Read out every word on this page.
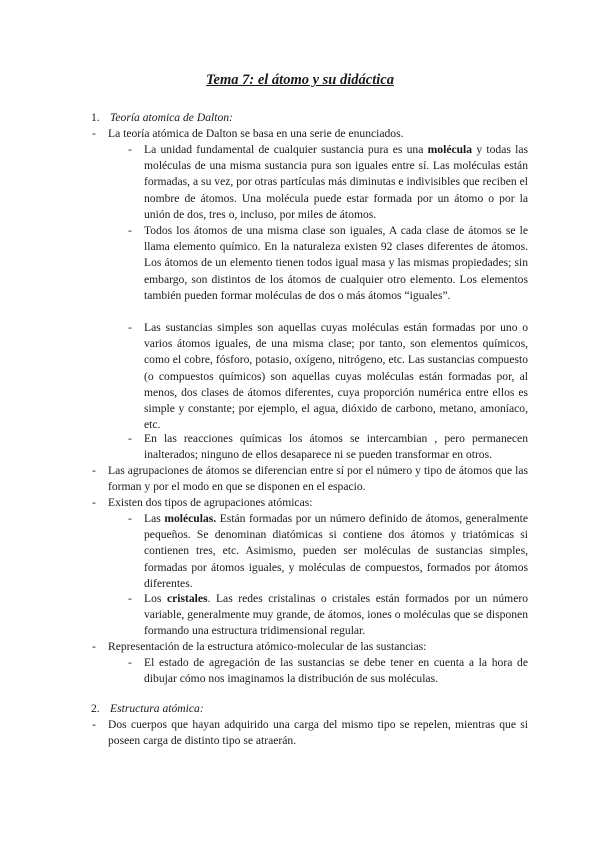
Tema 7: el átomo y su didáctica

1. Teoría atomica de Dalton:

- La teoría atómica de Dalton se basa en una serie de enunciados.

- La unidad fundamental de cualquier sustancia pura es una molécula y todas las moléculas de una misma sustancia pura son iguales entre sí. Las moléculas están formadas, a su vez, por otras partículas más diminutas e indivisibles que reciben el nombre de átomos. Una molécula puede estar formada por un átomo o por la unión de dos, tres o, incluso, por miles de átomos.

- Todos los átomos de una misma clase son iguales, A cada clase de átomos se le llama elemento químico. En la naturaleza existen 92 clases diferentes de átomos. Los átomos de un elemento tienen todos igual masa y las mismas propiedades; sin embargo, son distintos de los átomos de cualquier otro elemento. Los elementos también pueden formar moléculas de dos o más átomos “iguales”.

- Las sustancias simples son aquellas cuyas moléculas están formadas por uno o varios átomos iguales, de una misma clase; por tanto, son elementos químicos, como el cobre, fósforo, potasio, oxígeno, nitrógeno, etc. Las sustancias compuesto (o compuestos químicos) son aquellas cuyas moléculas están formadas por, al menos, dos clases de átomos diferentes, cuya proporción numérica entre ellos es simple y constante; por ejemplo, el agua, dióxido de carbono, metano, amoníaco, etc.

- En las reacciones químicas los átomos se intercambian , pero permanecen inalterados; ninguno de ellos desaparece ni se pueden transformar en otros.

- Las agrupaciones de átomos se diferencian entre sí por el número y tipo de átomos que las forman y por el modo en que se disponen en el espacio.

- Existen dos tipos de agrupaciones atómicas:

- Las moléculas. Están formadas por un número definido de átomos, generalmente pequeños. Se denominan diatómicas si contiene dos átomos y triatómicas si contienen tres, etc. Asimismo, pueden ser moléculas de sustancias simples, formadas por átomos iguales, y moléculas de compuestos, formados por átomos diferentes.

- Los cristales. Las redes cristalinas o cristales están formados por un número variable, generalmente muy grande, de átomos, iones o moléculas que se disponen formando una estructura tridimensional regular.

- Representación de la estructura atómico-molecular de las sustancias:

- El estado de agregación de las sustancias se debe tener en cuenta a la hora de dibujar cómo nos imaginamos la distribución de sus moléculas.

2. Estructura atómica:

- Dos cuerpos que hayan adquirido una carga del mismo tipo se repelen, mientras que si poseen carga de distinto tipo se atraerán.
